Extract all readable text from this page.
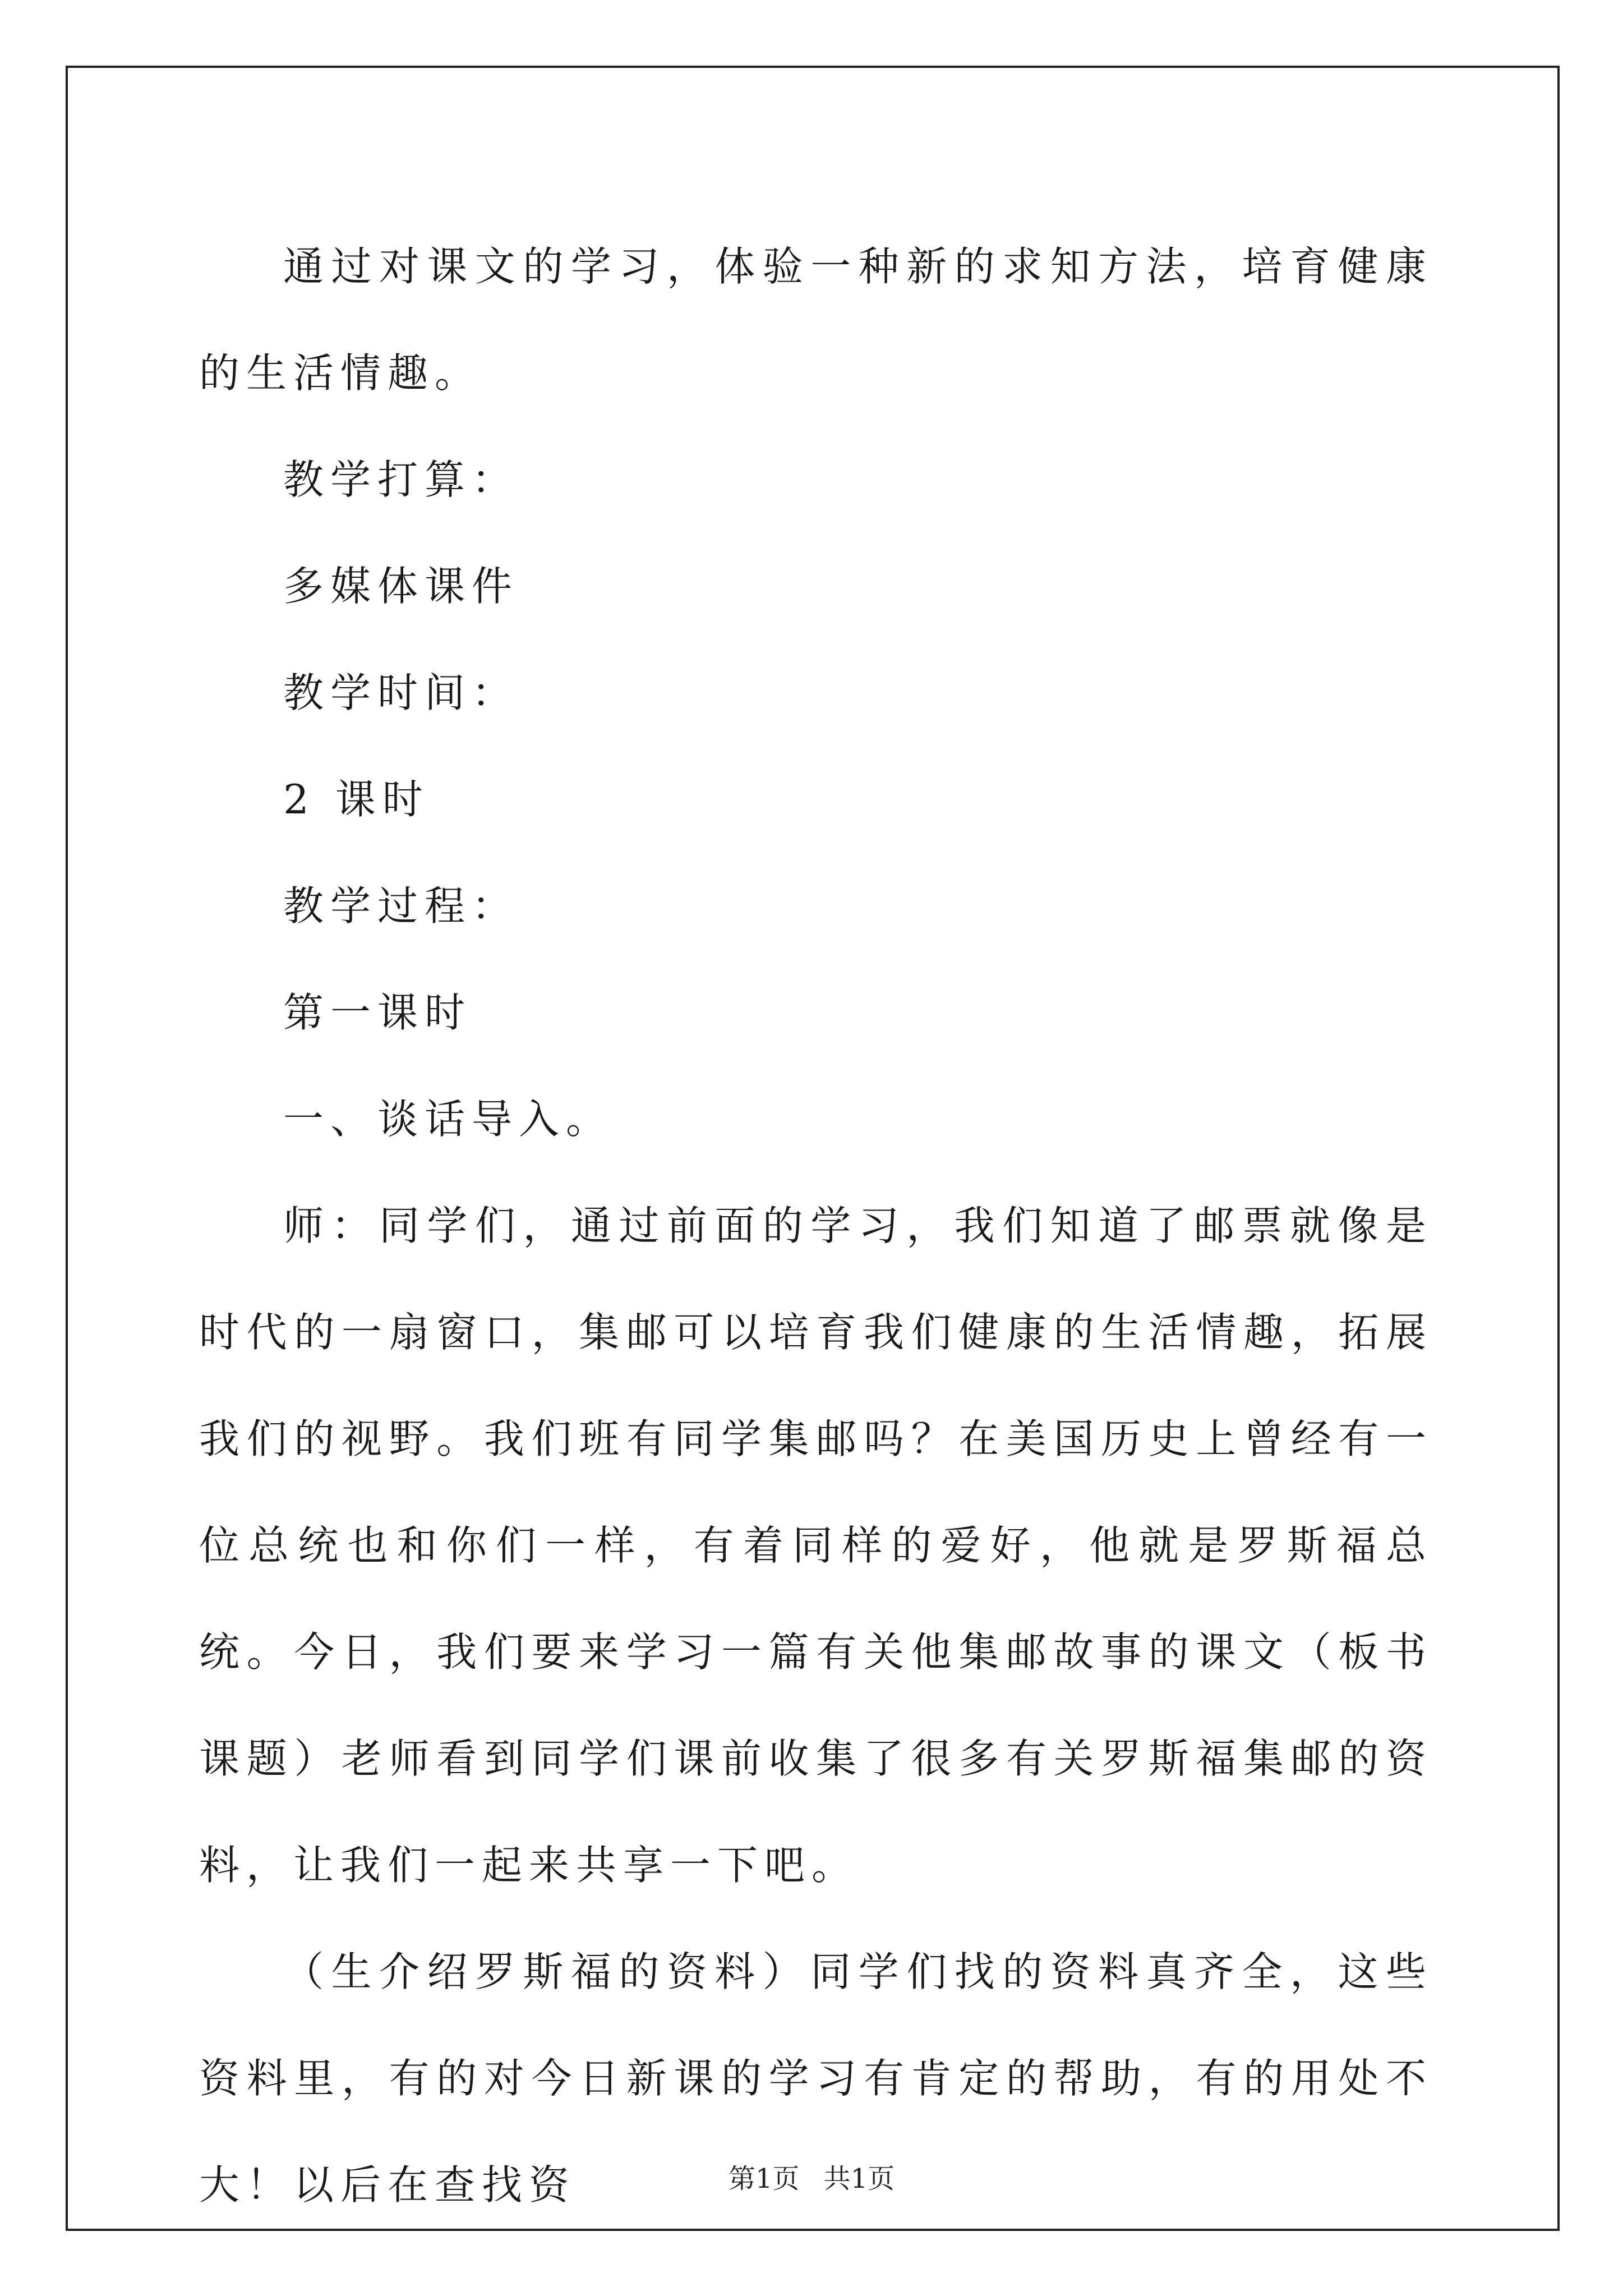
通过对课文的学习，体验一种新的求知方法，培育健康的生活情趣。

教学打算：

多媒体课件

教学时间：

2 课时

教学过程：

第一课时

一、谈话导入。

师：同学们，通过前面的学习，我们知道了邮票就像是时代的一扇窗口，集邮可以培育我们健康的生活情趣，拓展我们的视野。我们班有同学集邮吗？在美国历史上曾经有一位总统也和你们一样，有着同样的爱好，他就是罗斯福总统。今日，我们要来学习一篇有关他集邮故事的课文（板书课题）老师看到同学们课前收集了很多有关罗斯福集邮的资料，让我们一起来共享一下吧。

（生介绍罗斯福的资料）同学们找的资料真齐全，这些资料里，有的对今日新课的学习有肯定的帮助，有的用处不大！以后在查找资	第1页 共1页
